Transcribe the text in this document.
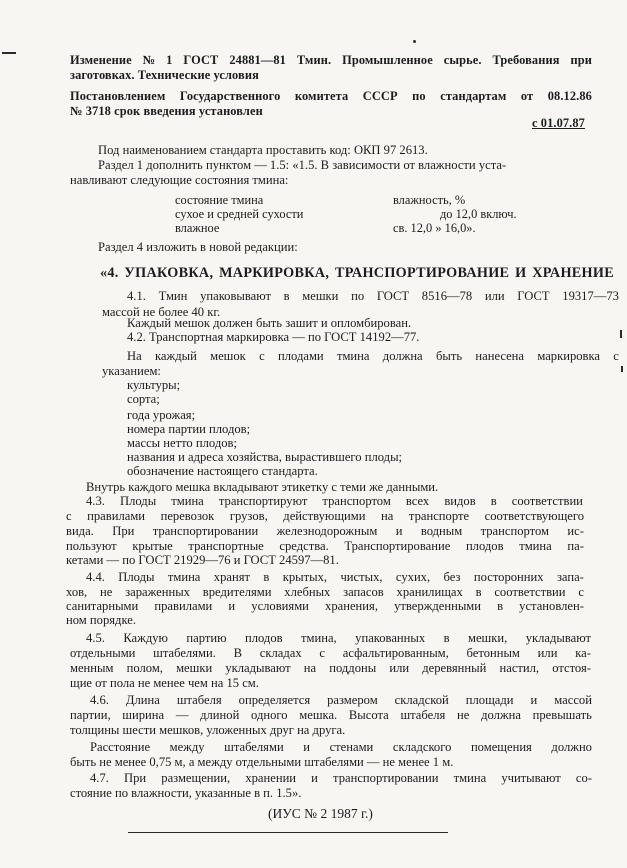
Изменение № 1 ГОСТ 24881—81 Тмин. Промышленное сырье. Требования при
заготовках. Технические условия
Постановлением Государственного комитета СССР по стандартам от 08.12.86
№ 3718 срок введения установлен
с 01.07.87
Под наименованием стандарта проставить код: ОКП 97 2613.
Раздел 1 дополнить пунктом — 1.5: «1.5. В зависимости от влажности уста-
навливают следующие состояния тмина:
состояние тмина	влажность, %
сухое и средней сухости	до 12,0 включ.
влажное	св. 12,0 » 16,0».
Раздел 4 изложить в новой редакции:
«4. УПАКОВКА, МАРКИРОВКА, ТРАНСПОРТИРОВАНИЕ И ХРАНЕНИЕ
4.1. Тмин упаковывают в мешки по ГОСТ 8516—78 или ГОСТ 19317—73
массой не более 40 кг.
Каждый мешок должен быть зашит и опломбирован.
4.2. Транспортная маркировка — по ГОСТ 14192—77.
На каждый мешок с плодами тмина должна быть нанесена маркировка с
указанием:
культуры;
сорта;
года урожая;
номера партии плодов;
массы нетто плодов;
названия и адреса хозяйства, вырастившего плоды;
обозначение настоящего стандарта.
Внутрь каждого мешка вкладывают этикетку с теми же данными.
4.3. Плоды тмина транспортируют транспортом всех видов в соответствии
с правилами перевозок грузов, действующими на транспорте соответствующего
вида. При транспортировании железнодорожным и водным транспортом ис-
пользуют крытые транспортные средства. Транспортирование плодов тмина па-
кетами — по ГОСТ 21929—76 и ГОСТ 24597—81.
4.4. Плоды тмина хранят в крытых, чистых, сухих, без посторонних запа-
хов, не зараженных вредителями хлебных запасов хранилищах в соответствии с
санитарными правилами и условиями хранения, утвержденными в установлен-
ном порядке.
4.5. Каждую партию плодов тмина, упакованных в мешки, укладывают
отдельными штабелями. В складах с асфальтированным, бетонным или ка-
менным полом, мешки укладывают на поддоны или деревянный настил, отстоя-
щие от пола не менее чем на 15 см.
4.6. Длина штабеля определяется размером складской площади и массой
партии, ширина — длиной одного мешка. Высота штабеля не должна превышать
толщины шести мешков, уложенных друг на друга.
Расстояние между штабелями и стенами складского помещения должно
быть не менее 0,75 м, а между отдельными штабелями — не менее 1 м.
4.7. При размещении, хранении и транспортировании тмина учитывают со-
стояние по влажности, указанные в п. 1.5».
(ИУС № 2 1987 г.)
